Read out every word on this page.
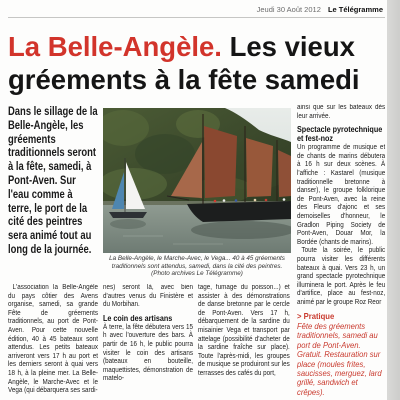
Jeudi 30 Août 2012 Le Télégramme
La Belle-Angèle. Les vieux
gréements à la fête samedi

Dans le sillage de la Belle-Angèle, les gréements traditionnels seront à la fête, samedi, à Pont-Aven. Sur l'eau comme à terre, le port de la cité des peintres sera animé tout au long de la journée.

La Belle-Angèle, le Marche-Avec, le Vega... 40 à 45 gréements traditionnels sont attendus, samedi, dans la cité des peintres. (Photo archives Le Télégramme)

L'association la Belle-Angèle du pays côtier des Avens organise, samedi, sa grande Fête de gréements traditionnels, au port de Pont-Aven. Pour cette nouvelle édition, 40 à 45 bateaux sont attendus. Les petits bateaux arriveront vers 17 h au port et les derniers seront à quai vers 18 h, à la pleine mer. La Belle-Angèle, le Marche-Avec et le Vega (qui débarquera ses sardi-

nes) seront là, avec bien d'autres venus du Finistère et du Morbihan.

Le coin des artisans

À terre, la fête débutera vers 15 h avec l'ouverture des bars. À partir de 16 h, le public pourra visiter le coin des artisans (bateaux en bouteille, maquettistes, démonstration de matelo-

tage, fumage du poisson...) et assister à des démonstrations de danse bretonne par le cercle de Pont-Aven. Vers 17 h, débarquement de la sardine du misainier Vega et transport par attelage (possibilité d'acheter de la sardine fraîche sur place). Toute l'après-midi, les groupes de musique se produiront sur les terrasses des cafés du port,

ainsi que sur les bateaux dès leur arrivée.

Spectacle pyrotechnique et fest-noz

Un programme de musique et de chants de marins débutera à 16 h sur deux scènes. À l'affiche : Kastarel (musique traditionnelle bretonne à danser), le groupe folklorique de Pont-Aven, avec la reine des Fleurs d'ajonc et ses demoiselles d'honneur, le Gradlon Piping Society de Pont-Aven, Douar Mor, la Bordée (chants de marins).

Toute la soirée, le public pourra visiter les différents bateaux à quai. Vers 23 h, un grand spectacle pyrotechnique illuminera le port. Après le feu d'artifice, place au fest-noz, animé par le groupe Roz Reor

> Pratique

Fête des gréements traditionnels, samedi au port de Pont-Aven. Gratuit. Restauration sur place (moules frites, saucisses, merguez, lard grillé, sandwich et crêpes).
